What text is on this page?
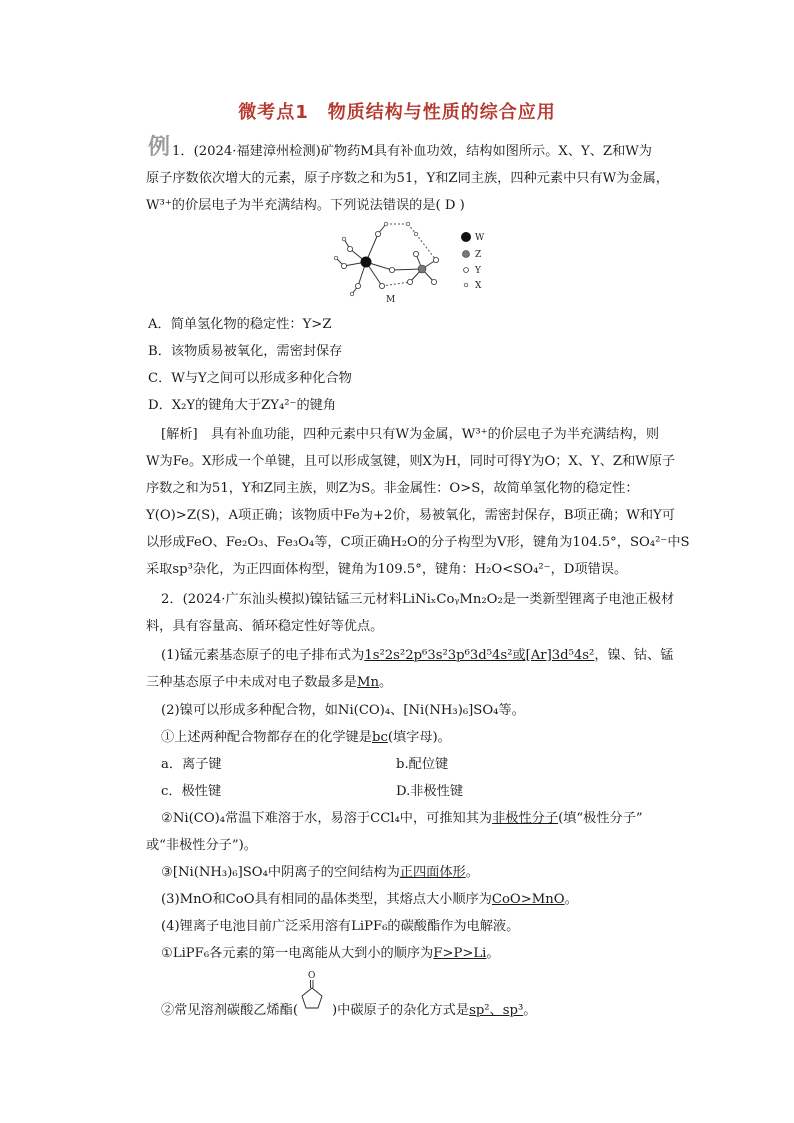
微考点1　物质结构与性质的综合应用
例 1．(2024·福建漳州检测)矿物药M具有补血功效，结构如图所示。X、Y、Z和W为
原子序数依次增大的元素，原子序数之和为51，Y和Z同主族，四种元素中只有W为金属，
W³⁺的价层电子为半充满结构。下列说法错误的是( D )
M
W
Z
Y
X
A．简单氢化物的稳定性：Y>Z
B．该物质易被氧化，需密封保存
C．W与Y之间可以形成多种化合物
D．X₂Y的键角大于ZY₄²⁻的键角
[解析]　具有补血功能，四种元素中只有W为金属，W³⁺的价层电子为半充满结构，则
W为Fe。X形成一个单键，且可以形成氢键，则X为H，同时可得Y为O；X、Y、Z和W原子
序数之和为51，Y和Z同主族，则Z为S。非金属性：O>S，故简单氢化物的稳定性：
Y(O)>Z(S)，A项正确；该物质中Fe为+2价，易被氧化，需密封保存，B项正确；W和Y可
以形成FeO、Fe₂O₃、Fe₃O₄等，C项正确H₂O的分子构型为V形，键角为104.5°，SO₄²⁻中S
采取sp³杂化，为正四面体构型，键角为109.5°，键角：H₂O<SO₄²⁻，D项错误。
2．(2024·广东汕头模拟)镍钴锰三元材料LiNiₓCoᵧMn₂O₂是一类新型锂离子电池正极材
料，具有容量高、循环稳定性好等优点。
(1)锰元素基态原子的电子排布式为1s²2s²2p⁶3s²3p⁶3d⁵4s²或[Ar]3d⁵4s²，镍、钴、锰
三种基态原子中未成对电子数最多是Mn。
(2)镍可以形成多种配合物，如Ni(CO)₄、[Ni(NH₃)₆]SO₄等。
①上述两种配合物都存在的化学键是bc(填字母)。
a．离子键	b.配位键
c．极性键	D.非极性键
②Ni(CO)₄常温下难溶于水，易溶于CCl₄中，可推知其为非极性分子(填“极性分子”
或“非极性分子”)。
③[Ni(NH₃)₆]SO₄中阴离子的空间结构为正四面体形。
(3)MnO和CoO具有相同的晶体类型，其熔点大小顺序为CoO>MnO。
(4)锂离子电池目前广泛采用溶有LiPF₆的碳酸酯作为电解液。
①LiPF₆各元素的第一电离能从大到小的顺序为F>P>Li。
O
②常见溶剂碳酸乙烯酯(	)中碳原子的杂化方式是sp²、sp³。
